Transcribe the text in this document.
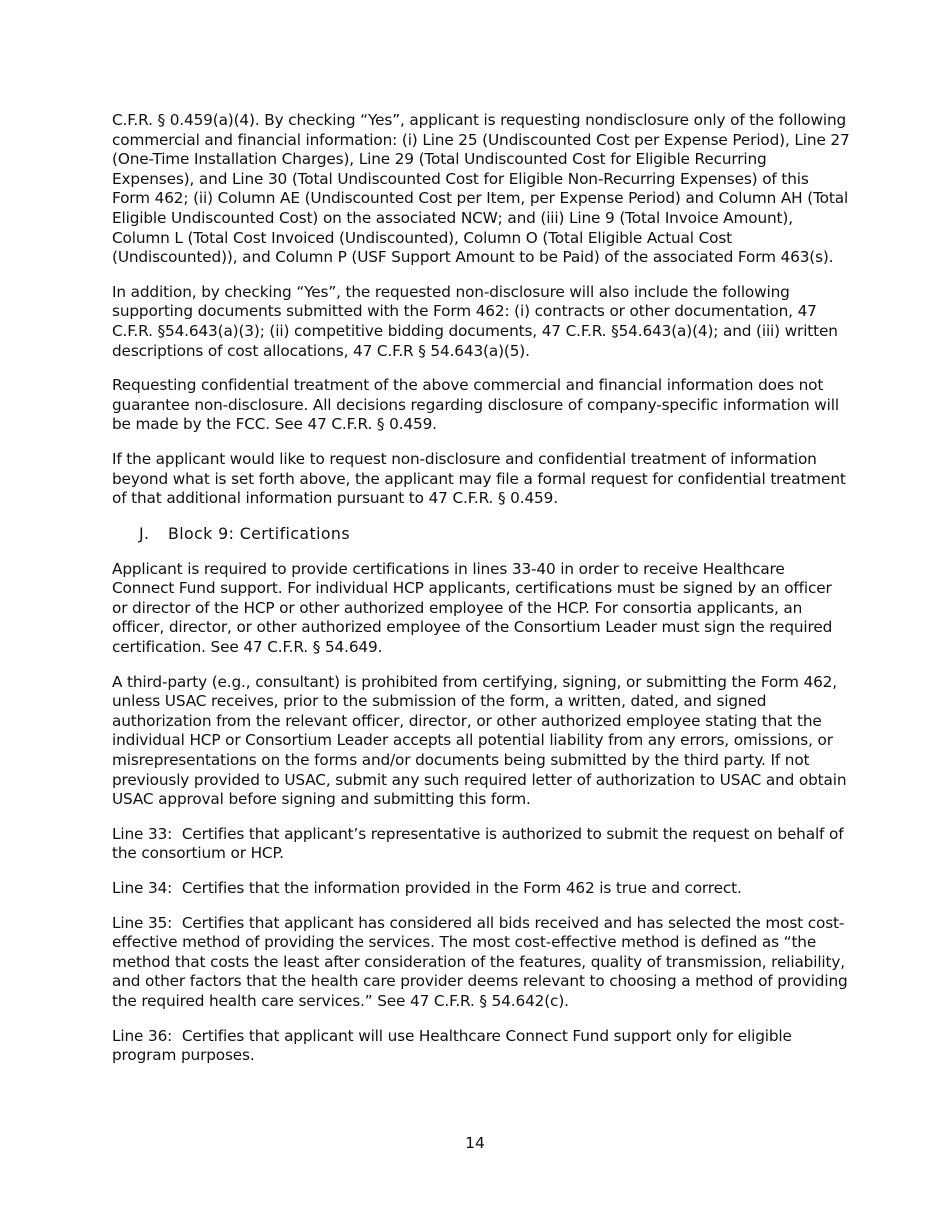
C.F.R. § 0.459(a)(4). By checking “Yes”, applicant is requesting nondisclosure only of the following commercial and financial information: (i) Line 25 (Undiscounted Cost per Expense Period), Line 27 (One-Time Installation Charges), Line 29 (Total Undiscounted Cost for Eligible Recurring Expenses), and Line 30 (Total Undiscounted Cost for Eligible Non-Recurring Expenses) of this Form 462; (ii) Column AE (Undiscounted Cost per Item, per Expense Period) and Column AH (Total Eligible Undiscounted Cost) on the associated NCW; and (iii) Line 9 (Total Invoice Amount), Column L (Total Cost Invoiced (Undiscounted), Column O (Total Eligible Actual Cost (Undiscounted)), and Column P (USF Support Amount to be Paid) of the associated Form 463(s).

In addition, by checking “Yes”, the requested non-disclosure will also include the following supporting documents submitted with the Form 462: (i) contracts or other documentation, 47 C.F.R. §54.643(a)(3); (ii) competitive bidding documents, 47 C.F.R. §54.643(a)(4); and (iii) written descriptions of cost allocations, 47 C.F.R § 54.643(a)(5).

Requesting confidential treatment of the above commercial and financial information does not guarantee non-disclosure. All decisions regarding disclosure of company-specific information will be made by the FCC. See 47 C.F.R. § 0.459.

If the applicant would like to request non-disclosure and confidential treatment of information beyond what is set forth above, the applicant may file a formal request for confidential treatment of that additional information pursuant to 47 C.F.R. § 0.459.

J. Block 9: Certifications

Applicant is required to provide certifications in lines 33-40 in order to receive Healthcare Connect Fund support. For individual HCP applicants, certifications must be signed by an officer or director of the HCP or other authorized employee of the HCP. For consortia applicants, an officer, director, or other authorized employee of the Consortium Leader must sign the required certification. See 47 C.F.R. § 54.649.

A third-party (e.g., consultant) is prohibited from certifying, signing, or submitting the Form 462, unless USAC receives, prior to the submission of the form, a written, dated, and signed authorization from the relevant officer, director, or other authorized employee stating that the individual HCP or Consortium Leader accepts all potential liability from any errors, omissions, or misrepresentations on the forms and/or documents being submitted by the third party. If not previously provided to USAC, submit any such required letter of authorization to USAC and obtain USAC approval before signing and submitting this form.

Line 33: Certifies that applicant’s representative is authorized to submit the request on behalf of the consortium or HCP.

Line 34: Certifies that the information provided in the Form 462 is true and correct.

Line 35: Certifies that applicant has considered all bids received and has selected the most cost-effective method of providing the services. The most cost-effective method is defined as “the method that costs the least after consideration of the features, quality of transmission, reliability, and other factors that the health care provider deems relevant to choosing a method of providing the required health care services.” See 47 C.F.R. § 54.642(c).

Line 36: Certifies that applicant will use Healthcare Connect Fund support only for eligible program purposes.

14
